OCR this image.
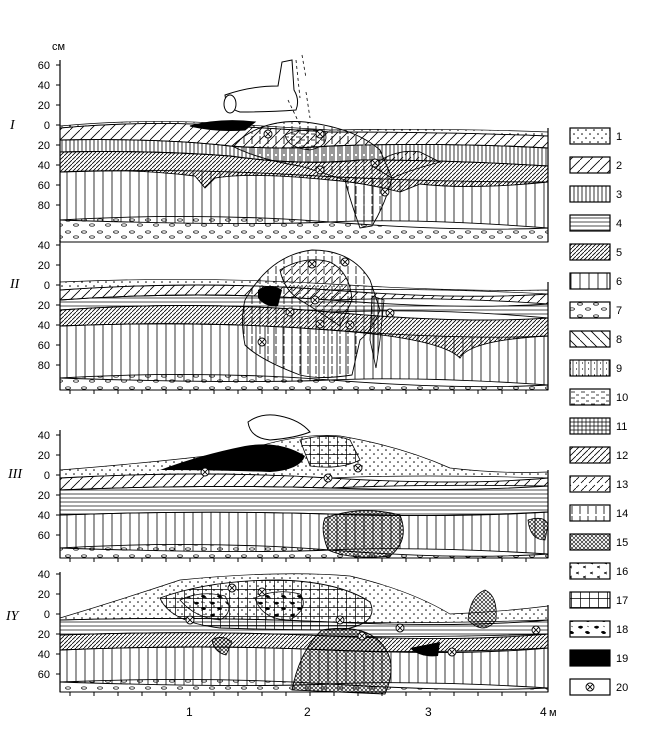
см
I
60
40
20
0
20
40
60
80
II
40
20
0
20
40
60
80
III
40
20
0
20
40
60
IY
40
20
0
20
40
60
1	2	3	4 м
1
2
3
4
5
6
7
8
9
10
11
12
13
14
15
16
17
18
19
20
